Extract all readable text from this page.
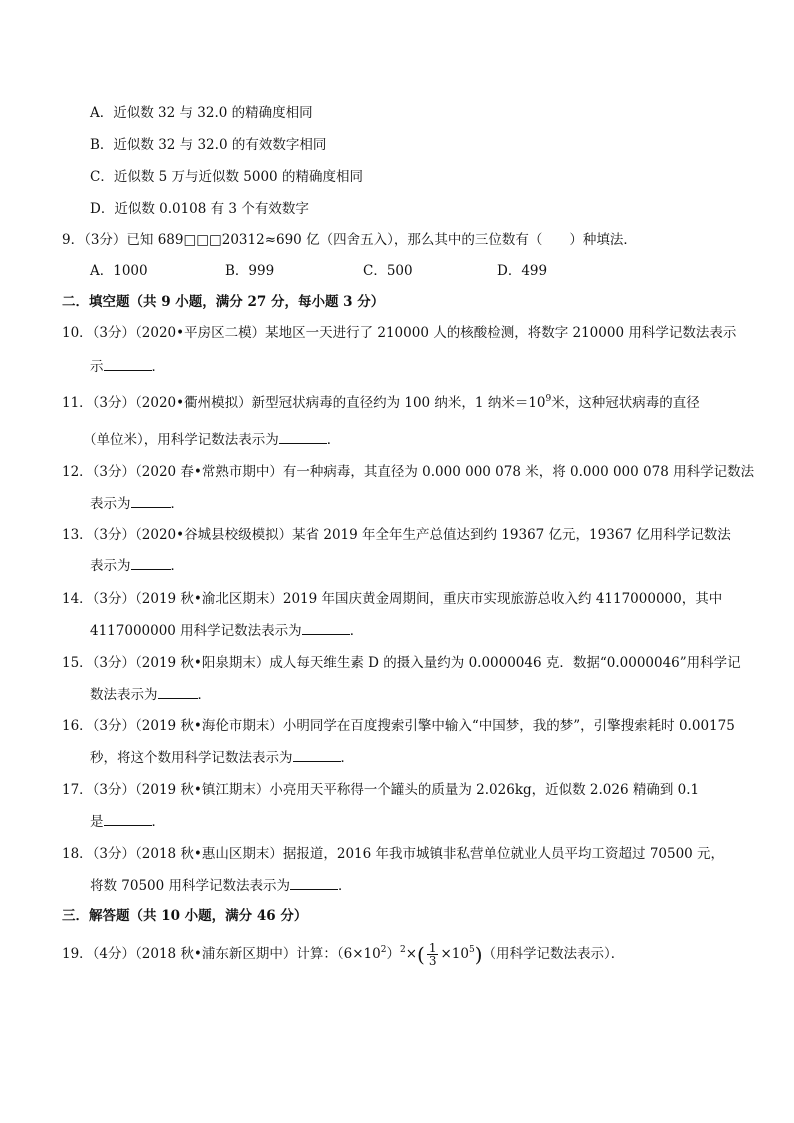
A．近似数 32 与 32.0 的精确度相同
B．近似数 32 与 32.0 的有效数字相同
C．近似数 5 万与近似数 5000 的精确度相同
D．近似数 0.0108 有 3 个有效数字
9．（3分）已知 689□□□20312≈690 亿（四舍五入），那么其中的三位数有（　　）种填法．
A．1000	B．999	C．500	D．499
二．填空题（共 9 小题，满分 27 分，每小题 3 分）
10．（3分）（2020•平房区二模）某地区一天进行了 210000 人的核酸检测，将数字 210000 用科学记数法表示
示	．
11．（3分）（2020•衢州模拟）新型冠状病毒的直径约为 100 纳米，1 纳米$=10^9$米，这种冠状病毒的直径
（单位米），用科学记数法表示为	．
12．（3分）（2020 春•常熟市期中）有一种病毒，其直径为 0.000 000 078 米，将 0.000 000 078 用科学记数法
表示为	．
13．（3分）（2020•谷城县校级模拟）某省 2019 年全年生产总值达到约 19367 亿元，19367 亿用科学记数法
表示为	．
14．（3分）（2019 秋•渝北区期末）2019 年国庆黄金周期间，重庆市实现旅游总收入约 4117000000，其中
4117000000 用科学记数法表示为	．
15．（3分）（2019 秋•阳泉期末）成人每天维生素 D 的摄入量约为 0.0000046 克．数据“0.0000046”用科学记
数法表示为	．
16．（3分）（2019 秋•海伦市期末）小明同学在百度搜索引擎中输入“中国梦，我的梦”，引擎搜索耗时 0.00175
秒，将这个数用科学记数法表示为	．
17．（3分）（2019 秋•镇江期末）小亮用天平称得一个罐头的质量为 2.026kg，近似数 2.026 精确到 0.1
是	．
18．（3分）（2018 秋•惠山区期末）据报道，2016 年我市城镇非私营单位就业人员平均工资超过 70500 元，
将数 70500 用科学记数法表示为	．
三．解答题（共 10 小题，满分 46 分）
19．（4分）（2018 秋•浦东新区期中）计算：$(6\times 10^2)^2\times( \frac{1}{3} \times 10^5)$（用科学记数法表示）．
